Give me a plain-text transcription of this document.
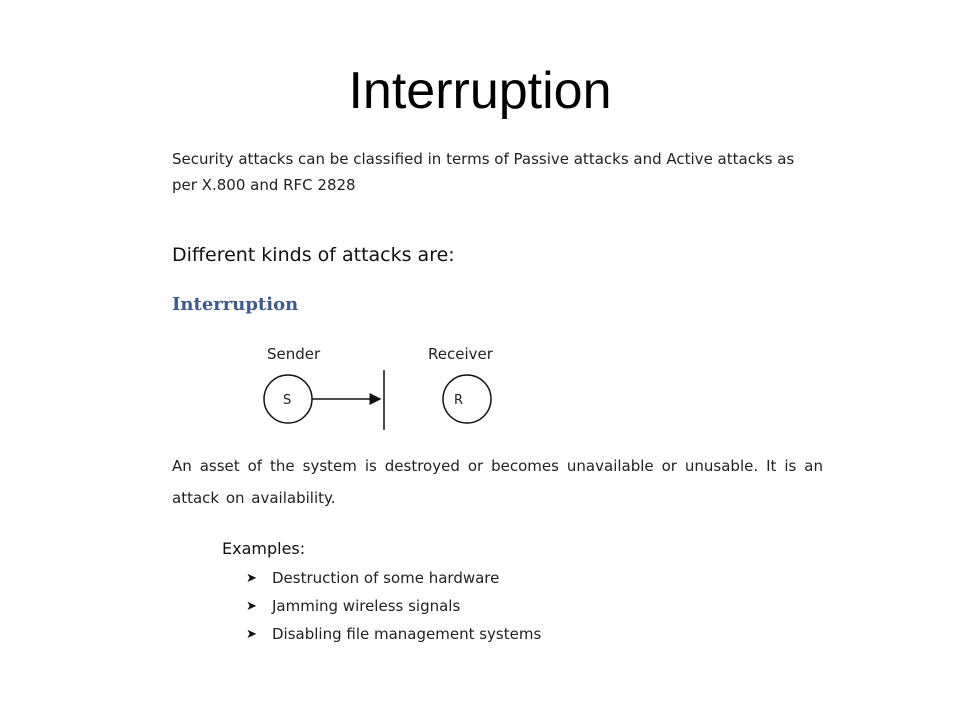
Interruption

Security attacks can be classified in terms of Passive attacks and Active attacks as per X.800 and RFC 2828

Different kinds of attacks are:

Interruption

Sender	Receiver
S	R

An asset of the system is destroyed or becomes unavailable or unusable. It is an attack on availability.

Examples:

➤	Destruction of some hardware
➤	Jamming wireless signals
➤	Disabling file management systems
